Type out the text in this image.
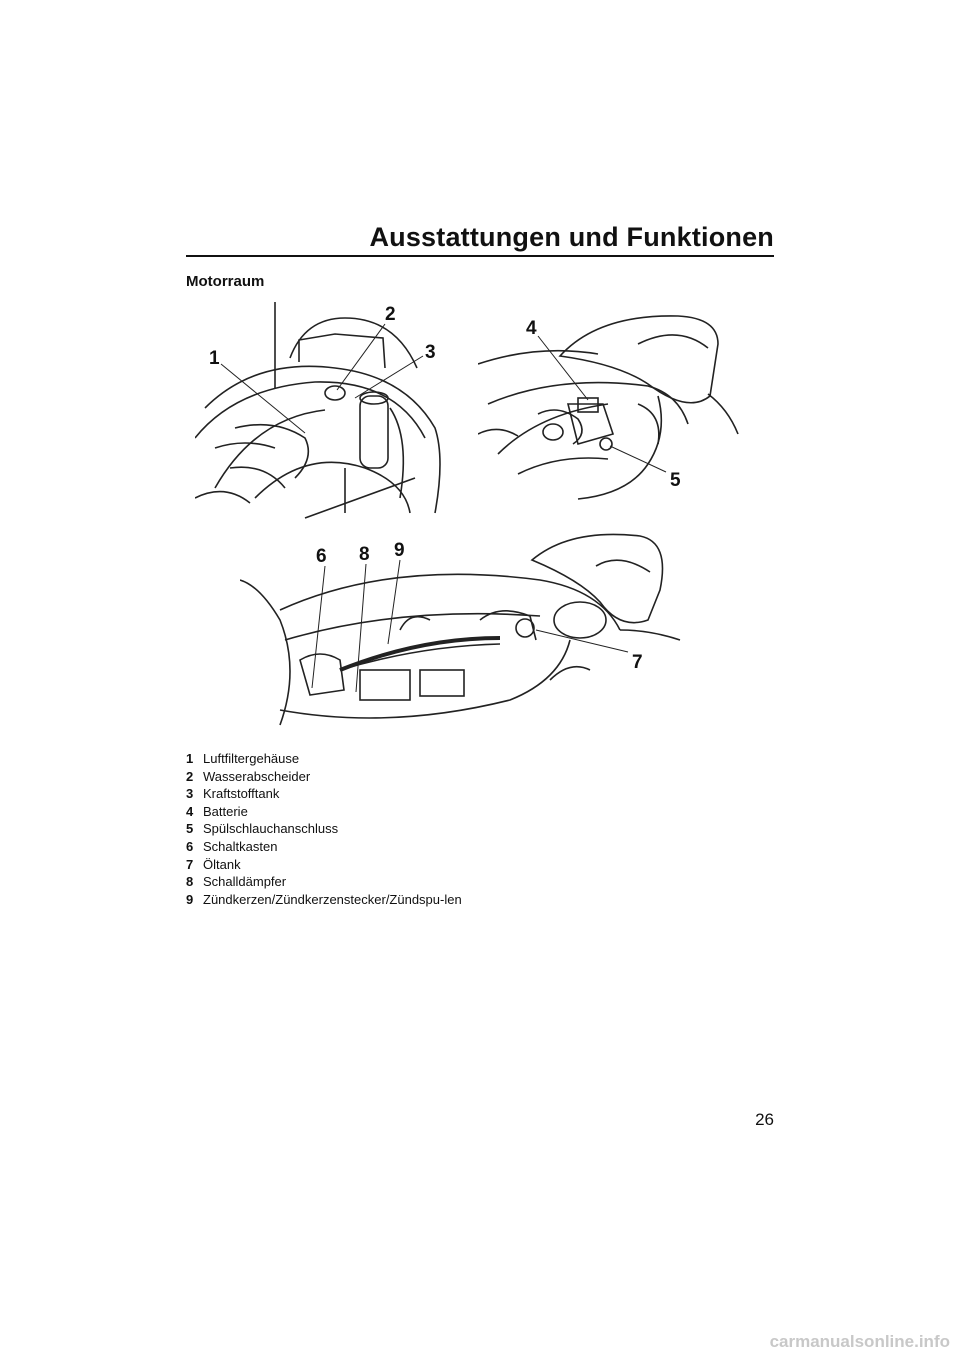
Ausstattungen und Funktionen
Motorraum
1
2
3
4
5
6 8 9
7
1 Luftfiltergehäuse
2 Wasserabscheider
3 Kraftstofftank
4 Batterie
5 Spülschlauchanschluss
6 Schaltkasten
7 Öltank
8 Schalldämpfer
9 Zündkerzen/Zündkerzenstecker/Zündspu-len
26
carmanualsonline.info
